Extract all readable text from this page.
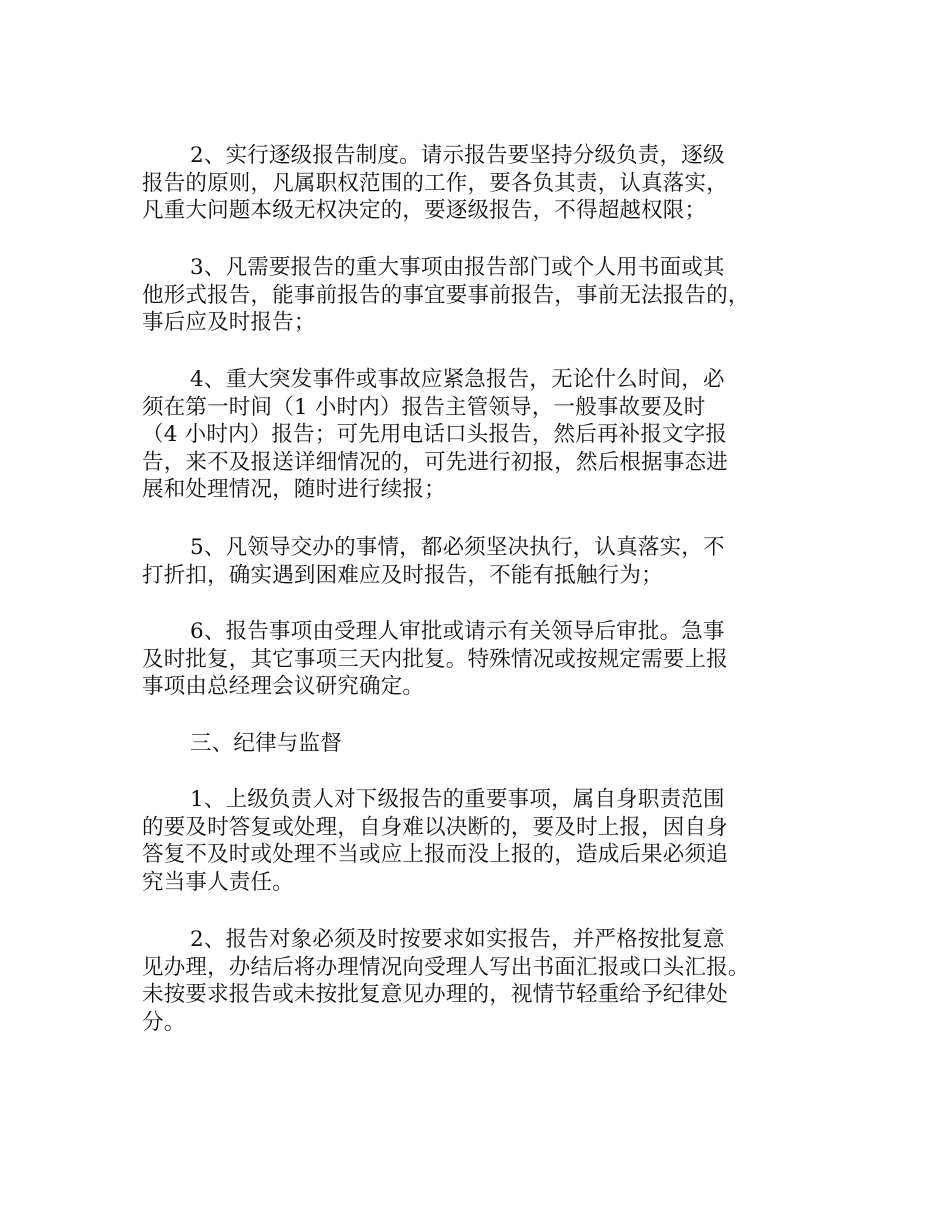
2、实行逐级报告制度。请示报告要坚持分级负责，逐级
报告的原则，凡属职权范围的工作，要各负其责，认真落实，
凡重大问题本级无权决定的，要逐级报告，不得超越权限；
3、凡需要报告的重大事项由报告部门或个人用书面或其
他形式报告，能事前报告的事宜要事前报告，事前无法报告的，
事后应及时报告；
4、重大突发事件或事故应紧急报告，无论什么时间，必
须在第一时间（1 小时内）报告主管领导，一般事故要及时
（4 小时内）报告；可先用电话口头报告，然后再补报文字报
告，来不及报送详细情况的，可先进行初报，然后根据事态进
展和处理情况，随时进行续报；
5、凡领导交办的事情，都必须坚决执行，认真落实，不
打折扣，确实遇到困难应及时报告，不能有抵触行为；
6、报告事项由受理人审批或请示有关领导后审批。急事
及时批复，其它事项三天内批复。特殊情况或按规定需要上报
事项由总经理会议研究确定。
三、纪律与监督
1、上级负责人对下级报告的重要事项，属自身职责范围
的要及时答复或处理，自身难以决断的，要及时上报，因自身
答复不及时或处理不当或应上报而没上报的，造成后果必须追
究当事人责任。
2、报告对象必须及时按要求如实报告，并严格按批复意
见办理，办结后将办理情况向受理人写出书面汇报或口头汇报。
未按要求报告或未按批复意见办理的，视情节轻重给予纪律处
分。
